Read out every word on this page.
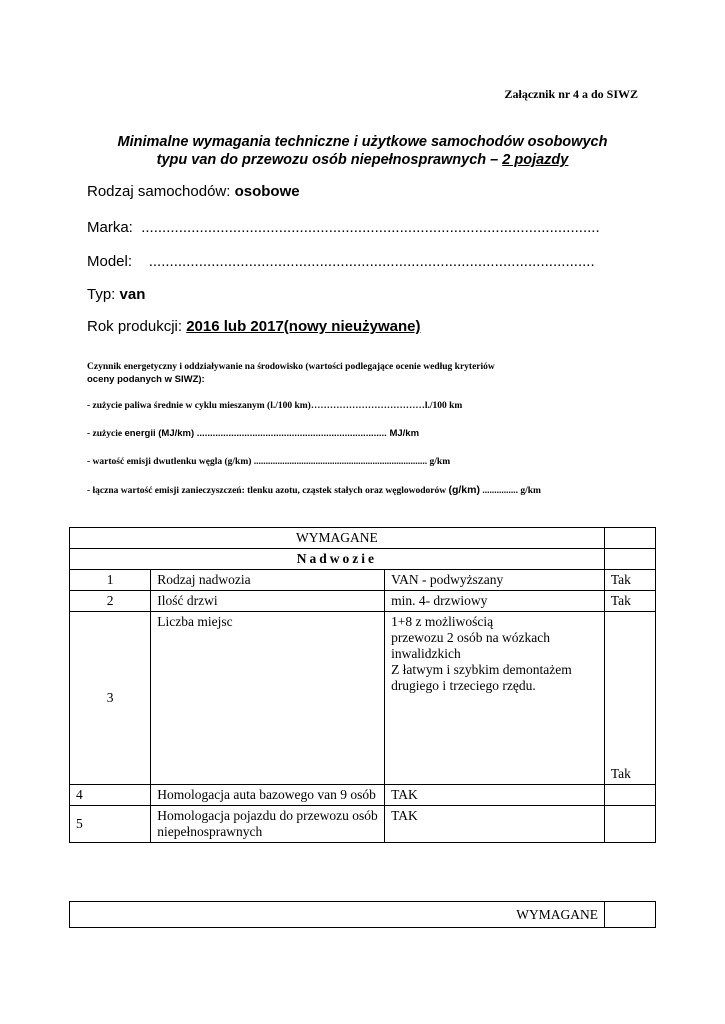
Załącznik nr 4 a do SIWZ
Minimalne wymagania techniczne i użytkowe samochodów osobowych
typu van do przewozu osób niepełnosprawnych – 2 pojazdy
Rodzaj samochodów: osobowe
Marka: ..............................................................................................................
Model: ...........................................................................................................
Typ: van
Rok produkcji: 2016 lub 2017(nowy nieużywane)
Czynnik energetyczny i oddziaływanie na środowisko (wartości podlegające ocenie według kryteriów
oceny podanych w SIWZ):
- zużycie paliwa średnie w cyklu mieszanym (l./100 km)………………………………l./100 km
- zużycie energii (MJ/km) ........................................................................ MJ/km
- wartość emisji dwutlenku węgla (g/km) ......................................................................... g/km
- łączna wartość emisji zanieczyszczeń: tlenku azotu, cząstek stałych oraz węglowodorów (g/km) ............... g/km
WYMAGANE			
Nadwozie			
1	Rodzaj nadwozia	VAN - podwyższany	Tak
2	Ilość drzwi	min. 4- drzwiowy	Tak
3	Liczba miejsc	1+8 z możliwością
przewozu 2 osób na wózkach
inwalidzkich
Z łatwym i szybkim demontażem
drugiego i trzeciego rzędu.	Tak
4	Homologacja auta bazowego van 9 osób	TAK	
5	Homologacja pojazdu do przewozu osób niepełnosprawnych	TAK	
WYMAGANE	
